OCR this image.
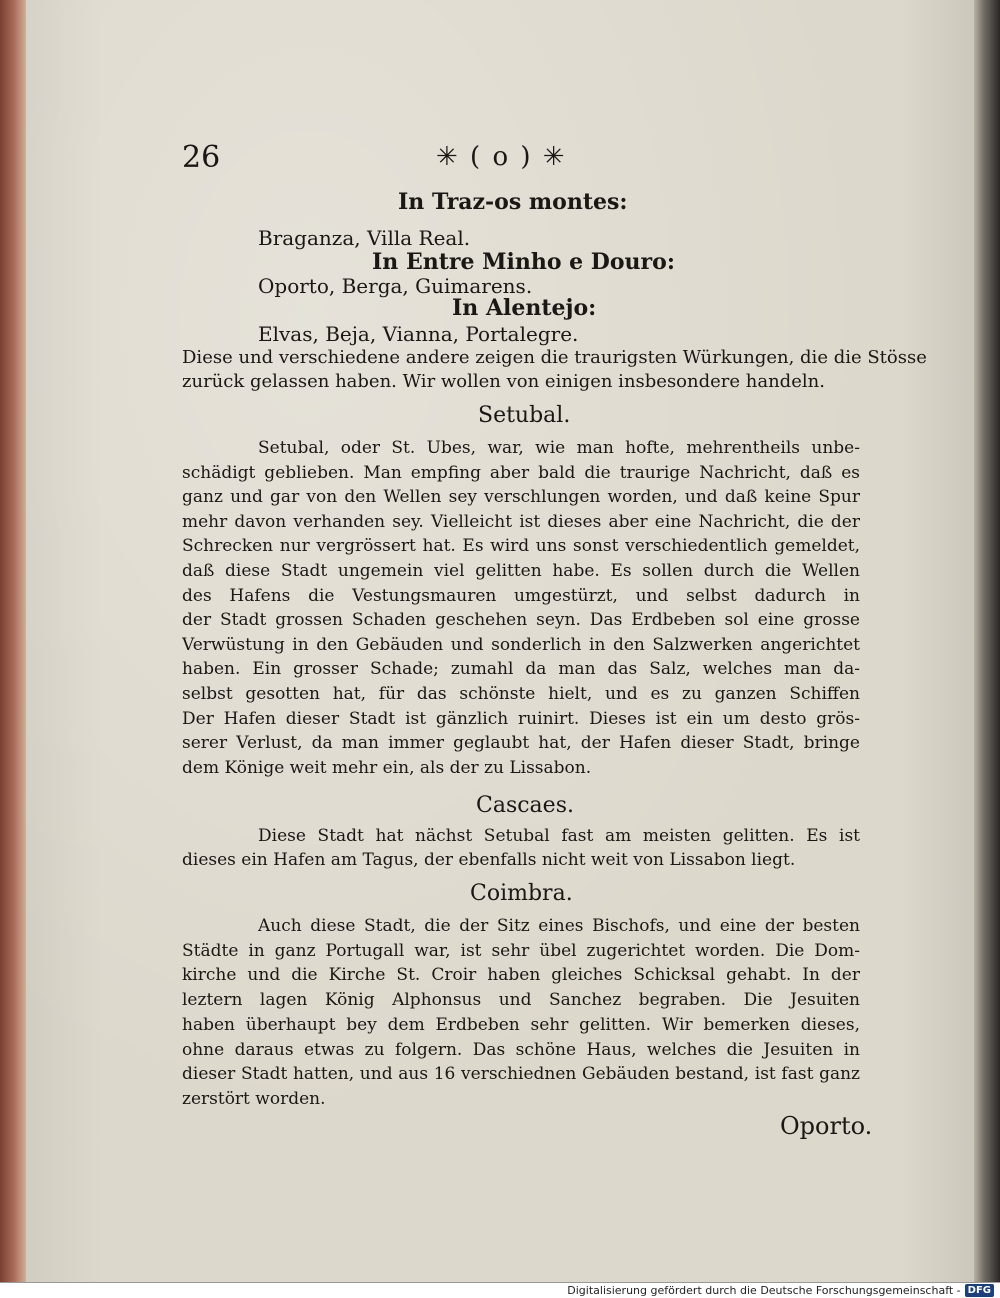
26	✳ ( o ) ✳
In Traz-os montes:
Braganza, Villa Real.
In Entre Minho e Douro:
Oporto, Berga, Guimarens.
In Alentejo:
Elvas, Beja, Vianna, Portalegre.
Diese und verschiedene andere zeigen die traurigsten Würkungen, die die Stösse
zurück gelassen haben. Wir wollen von einigen insbesondere handeln.
Setubal.
Setubal, oder St. Ubes, war, wie man hofte, mehrentheils unbe-
schädigt geblieben. Man empfing aber bald die traurige Nachricht, daß es
ganz und gar von den Wellen sey verschlungen worden, und daß keine Spur
mehr davon verhanden sey. Vielleicht ist dieses aber eine Nachricht, die der
Schrecken nur vergrössert hat. Es wird uns sonst verschiedentlich gemeldet,
daß diese Stadt ungemein viel gelitten habe. Es sollen durch die Wellen
des Hafens die Vestungsmauren umgestürzt, und selbst dadurch in
der Stadt grossen Schaden geschehen seyn. Das Erdbeben sol eine grosse
Verwüstung in den Gebäuden und sonderlich in den Salzwerken angerichtet
haben. Ein grosser Schade; zumahl da man das Salz, welches man da-
selbst gesotten hat, für das schönste hielt, und es zu ganzen Schiffen
Der Hafen dieser Stadt ist gänzlich ruinirt. Dieses ist ein um desto grös-
serer Verlust, da man immer geglaubt hat, der Hafen dieser Stadt, bringe
dem Könige weit mehr ein, als der zu Lissabon.
Cascaes.
Diese Stadt hat nächst Setubal fast am meisten gelitten. Es ist
dieses ein Hafen am Tagus, der ebenfalls nicht weit von Lissabon liegt.
Coimbra.
Auch diese Stadt, die der Sitz eines Bischofs, und eine der besten
Städte in ganz Portugall war, ist sehr übel zugerichtet worden. Die Dom-
kirche und die Kirche St. Croir haben gleiches Schicksal gehabt. In der
leztern lagen König Alphonsus und Sanchez begraben. Die Jesuiten
haben überhaupt bey dem Erdbeben sehr gelitten. Wir bemerken dieses,
ohne daraus etwas zu folgern. Das schöne Haus, welches die Jesuiten in
dieser Stadt hatten, und aus 16 verschiednen Gebäuden bestand, ist fast ganz
zerstört worden.
Oporto.
Digitalisierung gefördert durch die Deutsche Forschungsgemeinschaft - DFG
